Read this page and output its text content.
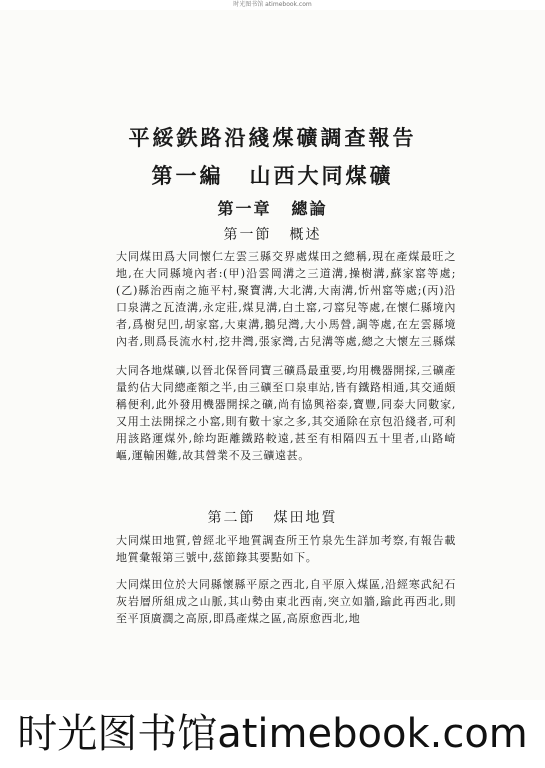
时光图书馆 atimebook.com
平綏鉄路沿綫煤礦調查報告
第一編 山西大同煤礦
第一章 總論
第一節 概述
大同煤田爲大同懷仁左雲三縣交界處煤田之總稱,現在產煤最旺之地,在大同縣境內者:(甲)沿雲岡溝之三道溝,操樹溝,蘇家窰等處;(乙)縣治西南之施平村,聚寶溝,大北溝,大南溝,忻州窰等處;(丙)沿口泉溝之瓦渣溝,永定莊,煤見溝,白土窰,刁窰兒等處,在懷仁縣境內者,爲樹兒凹,胡家窰,大東溝,鵝兒灣,大小馬營,調等處,在左雲縣境內者,則爲長流水村,挖井灣,張家灣,古兒溝等處,總之大懷左三縣煤
大同各地煤礦,以晉北保晉同寶三礦爲最重要,均用機器開採,三礦產量約佔大同總產額之半,由三礦至口泉車站,皆有鐵路相通,其交通頗稱便利,此外發用機器開採之礦,尚有協興裕泰,寶豐,同泰大同數家,又用土法開採之小窰,則有數十家之多,其交通除在京包沿綫者,可利用該路運煤外,餘均距離鐵路較遠,甚至有相隔四五十里者,山路崎嶇,運輸困難,故其營業不及三礦遠甚。
第二節 煤田地質
大同煤田地質,曾經北平地質調查所王竹泉先生詳加考察,有報告載地質彙報第三號中,茲節錄其要點如下。
大同煤田位於大同縣懷縣平原之西北,自平原入煤區,沿經寒武紀石灰岩層所組成之山脈,其山勢由東北西南,突立如牆,踰此再西北,則至平頂廣濶之高原,即爲產煤之區,高原愈西北,地
时光图书馆atimebook.com
